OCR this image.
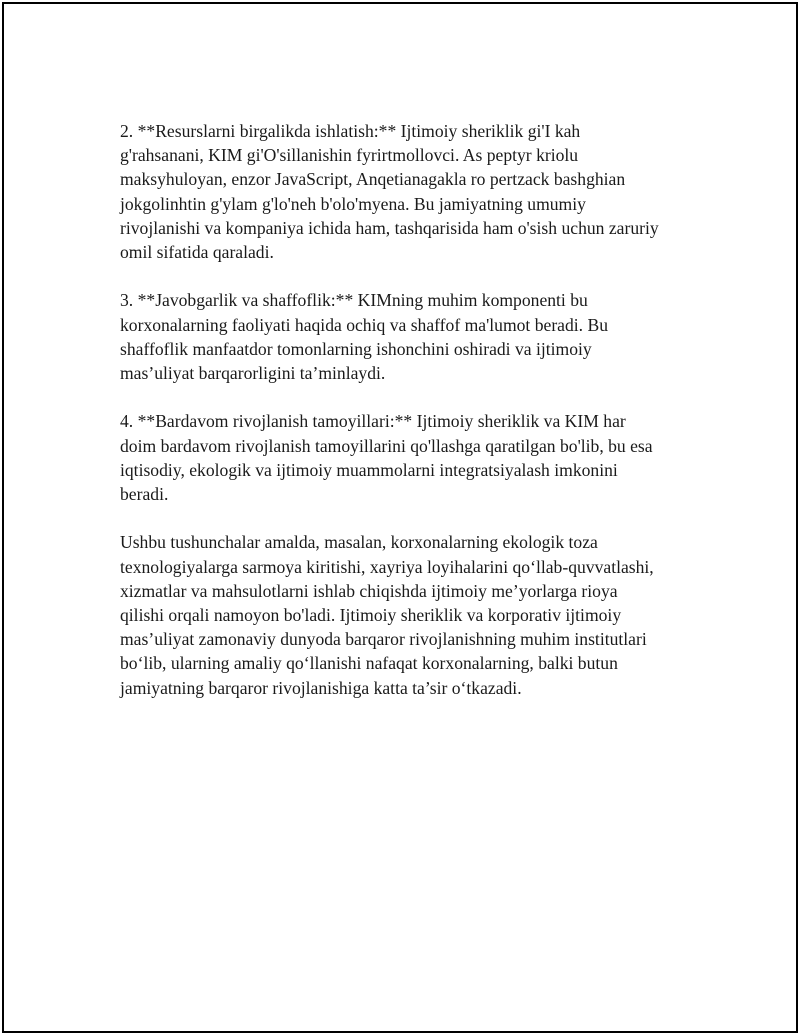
2. **Resurslarni birgalikda ishlatish:** Ijtimoiy sheriklik gi'I kah
g'rahsanani, KIM gi'O'sillanishin fyrirtmollovci. As peptyr kriolu
maksyhuloyan, enzor JavaScript, Anqetianagakla ro pertzack bashghian
jokgolinhtin g'ylam g'lo'neh b'olo'myena. Bu jamiyatning umumiy
rivojlanishi va kompaniya ichida ham, tashqarisida ham o'sish uchun zaruriy
omil sifatida qaraladi.

3. **Javobgarlik va shaffoflik:** KIMning muhim komponenti bu
korxonalarning faoliyati haqida ochiq va shaffof ma'lumot beradi. Bu
shaffoflik manfaatdor tomonlarning ishonchini oshiradi va ijtimoiy
mas’uliyat barqarorligini ta’minlaydi.

4. **Bardavom rivojlanish tamoyillari:** Ijtimoiy sheriklik va KIM har
doim bardavom rivojlanish tamoyillarini qo'llashga qaratilgan bo'lib, bu esa
iqtisodiy, ekologik va ijtimoiy muammolarni integratsiyalash imkonini
beradi.

Ushbu tushunchalar amalda, masalan, korxonalarning ekologik toza
texnologiyalarga sarmoya kiritishi, xayriya loyihalarini qo‘llab-quvvatlashi,
xizmatlar va mahsulotlarni ishlab chiqishda ijtimoiy me’yorlarga rioya
qilishi orqali namoyon bo'ladi. Ijtimoiy sheriklik va korporativ ijtimoiy
mas’uliyat zamonaviy dunyoda barqaror rivojlanishning muhim institutlari
bo‘lib, ularning amaliy qo‘llanishi nafaqat korxonalarning, balki butun
jamiyatning barqaror rivojlanishiga katta ta’sir o‘tkazadi.
